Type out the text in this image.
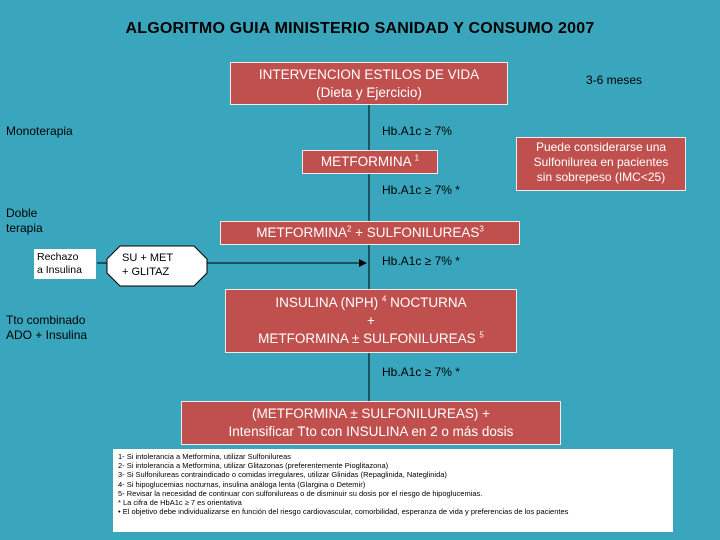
ALGORITMO GUIA MINISTERIO SANIDAD Y CONSUMO 2007
INTERVENCION ESTILOS DE VIDA
(Dieta y Ejercicio)
3-6 meses
Monoterapia	Hb.A1c ≥ 7%
METFORMINA $^1$
Puede considerarse una
Sulfonilurea en pacientes
sin sobrepeso (IMC<25)
Hb.A1c ≥ 7% *
Doble
terapia	$METFORMINA^2$ + $SULFONILUREAS^3$
Rechazo
a Insulina
SU + MET
+ GLITAZ
Hb.A1c ≥ 7% *
INSULINA (NPH) $^4$ NOCTURNA
+
METFORMINA ± SULFONILUREAS $^5$
Tto combinado
ADO + Insulina
Hb.A1c ≥ 7% *
(METFORMINA ± SULFONILUREAS) +
Intensificar Tto con INSULINA en 2 o más dosis
1- Si intolerancia a Metformina, utilizar Sulfonilureas
2- Si intolerancia a Metformina, utilizar Glitazonas (preferentemente Pioglitazona)
3- Si Sulfonilureas contraindicado o comidas irregulares, utilizar Glinidas (Repaglinida, Nateglinida)
4- Si hipoglucemias nocturnas, insulina análoga lenta (Glargina o Detemir)
5- Revisar la necesidad de continuar con sulfonilureas o de disminuir su dosis por el riesgo de hipoglucemias.
* La cifra de HbA1c ≥ 7 es orientativa
• El objetivo debe individualizarse en función del riesgo cardiovascular, comorbilidad, esperanza de vida y preferencias de los pacientes
